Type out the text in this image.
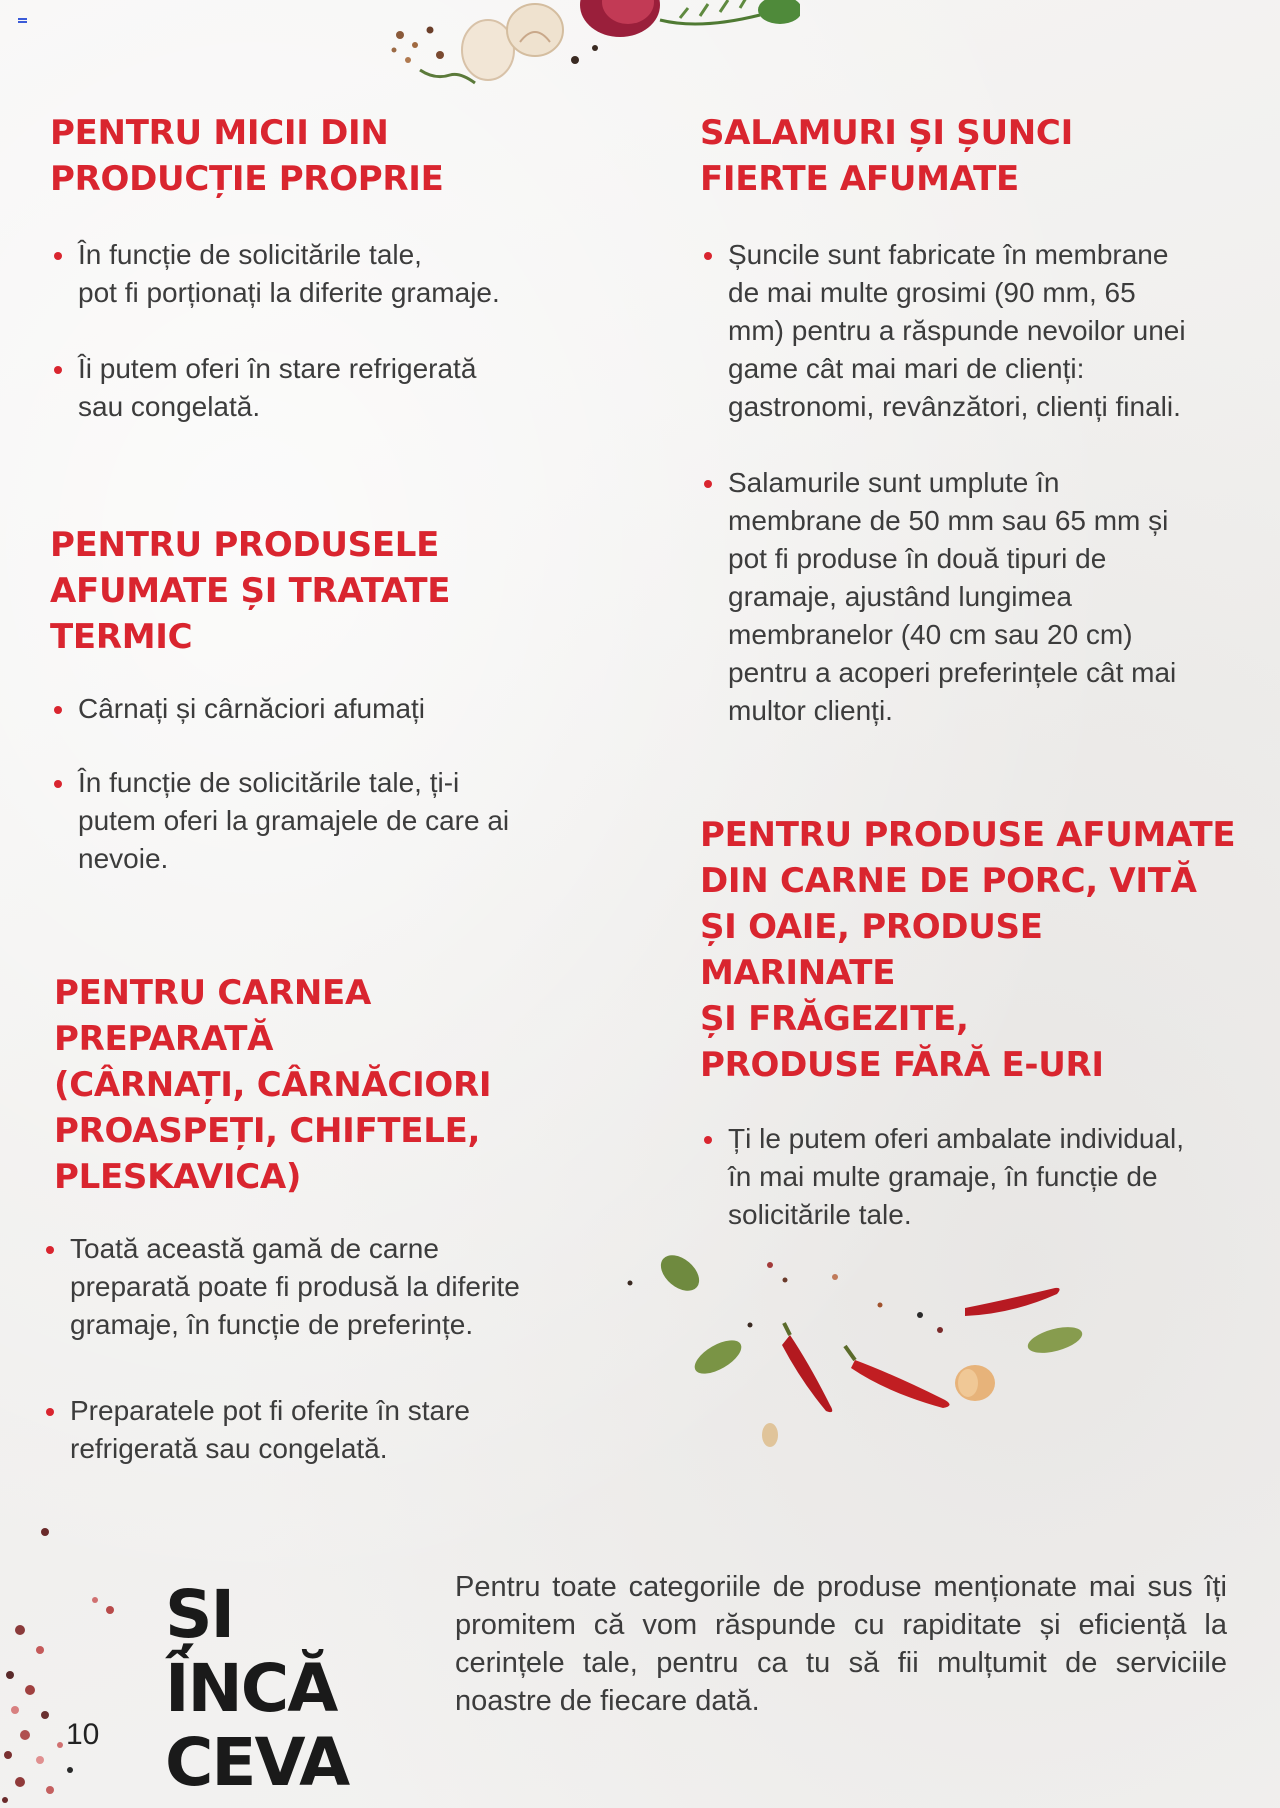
PENTRU MICII DIN
PRODUCȚIE PROPRIE
În funcție de solicitările tale,
pot fi porționați la diferite gramaje.
Îi putem oferi în stare refrigerată
sau congelată.
PENTRU PRODUSELE
AFUMATE ȘI TRATATE
TERMIC
Cârnați și cârnăciori afumați
În funcție de solicitările tale, ți-i
putem oferi la gramajele de care ai
nevoie.
PENTRU CARNEA
PREPARATĂ
(CÂRNAȚI, CÂRNĂCIORI
PROASPEȚI, CHIFTELE,
PLESKAVICA)
Toată această gamă de carne
preparată poate fi produsă la diferite
gramaje, în funcție de preferințe.
Preparatele pot fi oferite în stare
refrigerată sau congelată.
SALAMURI ȘI ȘUNCI
FIERTE AFUMATE
Șuncile sunt fabricate în membrane
de mai multe grosimi (90 mm, 65
mm) pentru a răspunde nevoilor unei
game cât mai mari de clienți:
gastronomi, revânzători, clienți finali.
Salamurile sunt umplute în
membrane de 50 mm sau 65 mm și
pot fi produse în două tipuri de
gramaje, ajustând lungimea
membranelor (40 cm sau 20 cm)
pentru a acoperi preferințele cât mai
multor clienți.
PENTRU PRODUSE AFUMATE
DIN CARNE DE PORC, VITĂ
ȘI OAIE, PRODUSE MARINATE
ȘI FRĂGEZITE,
PRODUSE FĂRĂ E-URI
Ți le putem oferi ambalate individual,
în mai multe gramaje, în funcție de
solicitările tale.
ȘI ÎNCĂ
CEVA

Pentru toate categoriile de produse menționate mai sus îți promitem că vom răspunde cu rapiditate și eficiență la cerințele tale, pentru ca tu să fii mulțumit de serviciile noastre de fiecare dată.

10
